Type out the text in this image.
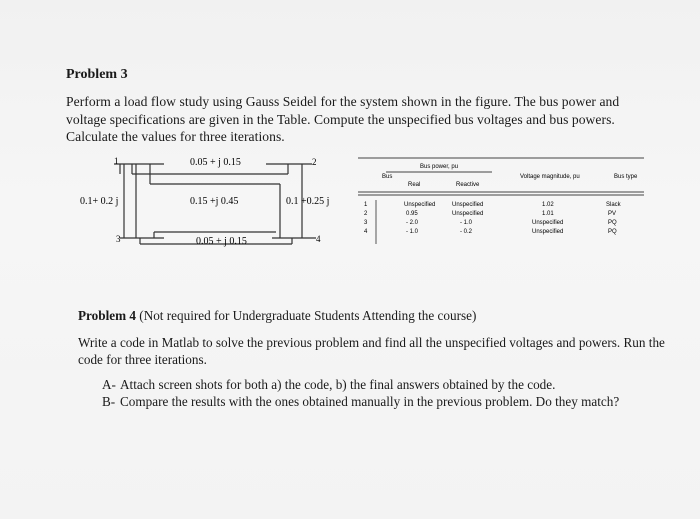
Problem 3
Perform a load flow study using Gauss Seidel for the system shown in the figure. The bus power and voltage specifications are given in the Table. Compute the unspecified bus voltages and bus powers. Calculate the values for three iterations.
1	2
3	4
0.05 + j 0.15
0.1+ 0.2 j	0.15 +j 0.45	0.1 +0.25 j
0.05 + j 0.15
Bus
Bus power, pu
Real	Reactive
Voltage magnitude, pu	Bus type
1	Unspecified	Unspecified	1.02	Slack
2	0.95	Unspecified	1.01	PV
3	- 2.0	- 1.0	Unspecified	PQ
4	- 1.0	- 0.2	Unspecified	PQ
Problem 4 (Not required for Undergraduate Students Attending the course)
Write a code in Matlab to solve the previous problem and find all the unspecified voltages and powers. Run the code for three iterations.
A- Attach screen shots for both a) the code, b) the final answers obtained by the code.
B- Compare the results with the ones obtained manually in the previous problem. Do they match?
